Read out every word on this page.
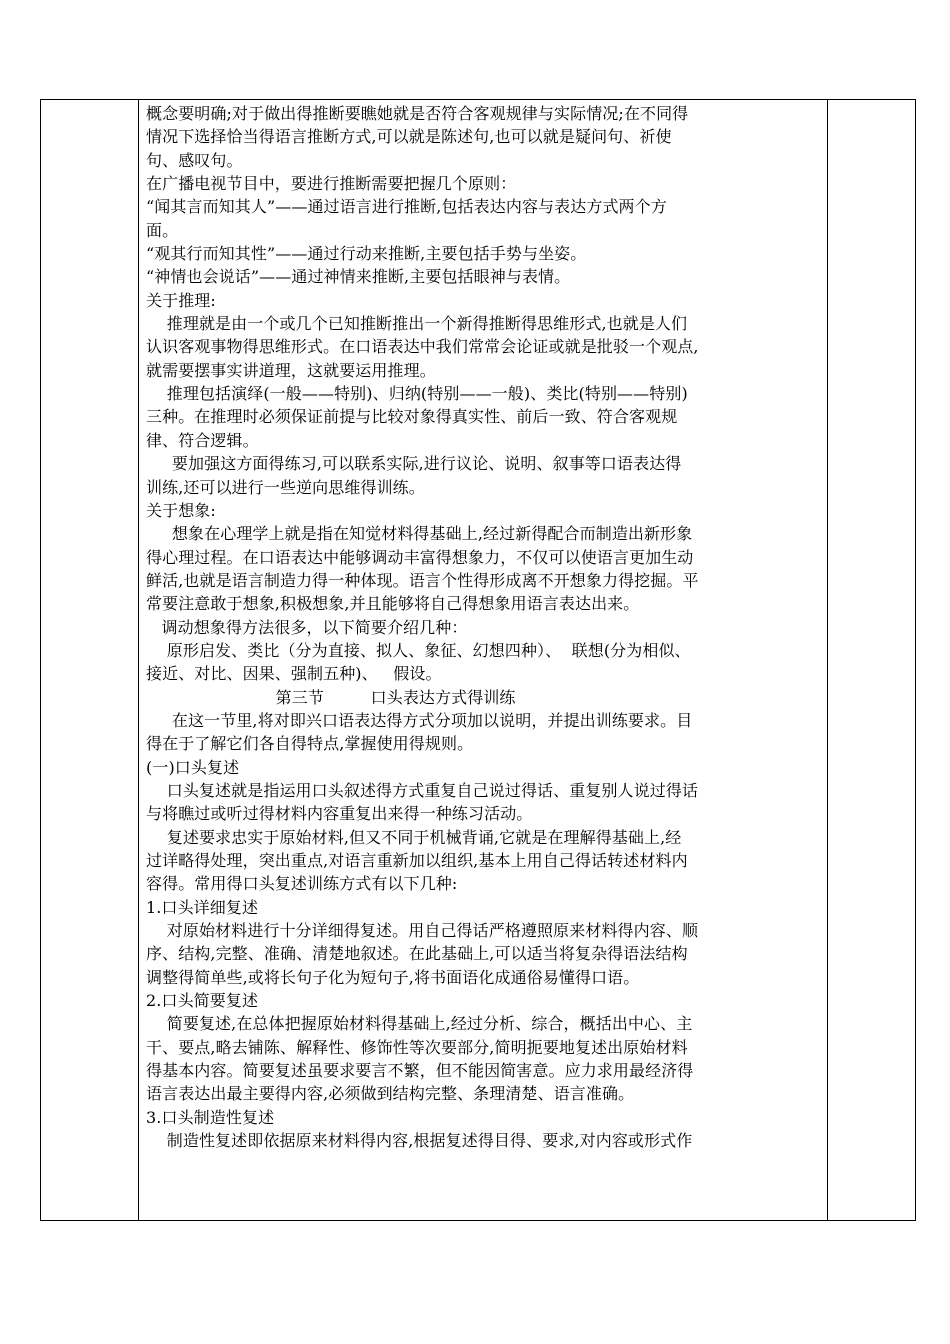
概念要明确;对于做出得推断要瞧她就是否符合客观规律与实际情况;在不同得
情况下选择恰当得语言推断方式,可以就是陈述句,也可以就是疑问句、祈使
句、感叹句。
在广播电视节目中，要进行推断需要把握几个原则：
“闻其言而知其人”——通过语言进行推断,包括表达内容与表达方式两个方
面。
“观其行而知其性”——通过行动来推断,主要包括手势与坐姿。
“神情也会说话”——通过神情来推断,主要包括眼神与表情。
关于推理:
推理就是由一个或几个已知推断推出一个新得推断得思维形式,也就是人们
认识客观事物得思维形式。在口语表达中我们常常会论证或就是批驳一个观点,
就需要摆事实讲道理，这就要运用推理。
推理包括演绎(一般——特别)、归纳(特别——一般)、类比(特别——特别)
三种。在推理时必须保证前提与比较对象得真实性、前后一致、符合客观规
律、符合逻辑。
要加强这方面得练习,可以联系实际,进行议论、说明、叙事等口语表达得
训练,还可以进行一些逆向思维得训练。
关于想象:
想象在心理学上就是指在知觉材料得基础上,经过新得配合而制造出新形象
得心理过程。在口语表达中能够调动丰富得想象力，不仅可以使语言更加生动
鲜活,也就是语言制造力得一种体现。语言个性得形成离不开想象力得挖掘。平
常要注意敢于想象,积极想象,并且能够将自己得想象用语言表达出来。
调动想象得方法很多，以下简要介绍几种：
原形启发、类比（分为直接、拟人、象征、幻想四种）、  联想(分为相似、
接近、对比、因果、强制五种)、   假设。
第三节         口头表达方式得训练
在这一节里,将对即兴口语表达得方式分项加以说明，并提出训练要求。目
得在于了解它们各自得特点,掌握使用得规则。
(一)口头复述
口头复述就是指运用口头叙述得方式重复自己说过得话、重复别人说过得话
与将瞧过或听过得材料内容重复出来得一种练习活动。
复述要求忠实于原始材料,但又不同于机械背诵,它就是在理解得基础上,经
过详略得处理，突出重点,对语言重新加以组织,基本上用自己得话转述材料内
容得。常用得口头复述训练方式有以下几种:
1.口头详细复述
对原始材料进行十分详细得复述。用自己得话严格遵照原来材料得内容、顺
序、结构,完整、准确、清楚地叙述。在此基础上,可以适当将复杂得语法结构
调整得简单些,或将长句子化为短句子,将书面语化成通俗易懂得口语。
2.口头简要复述
简要复述,在总体把握原始材料得基础上,经过分析、综合，概括出中心、主
干、要点,略去铺陈、解释性、修饰性等次要部分,简明扼要地复述出原始材料
得基本内容。简要复述虽要求要言不繁，但不能因简害意。应力求用最经济得
语言表达出最主要得内容,必须做到结构完整、条理清楚、语言准确。
3.口头制造性复述
制造性复述即依据原来材料得内容,根据复述得目得、要求,对内容或形式作
